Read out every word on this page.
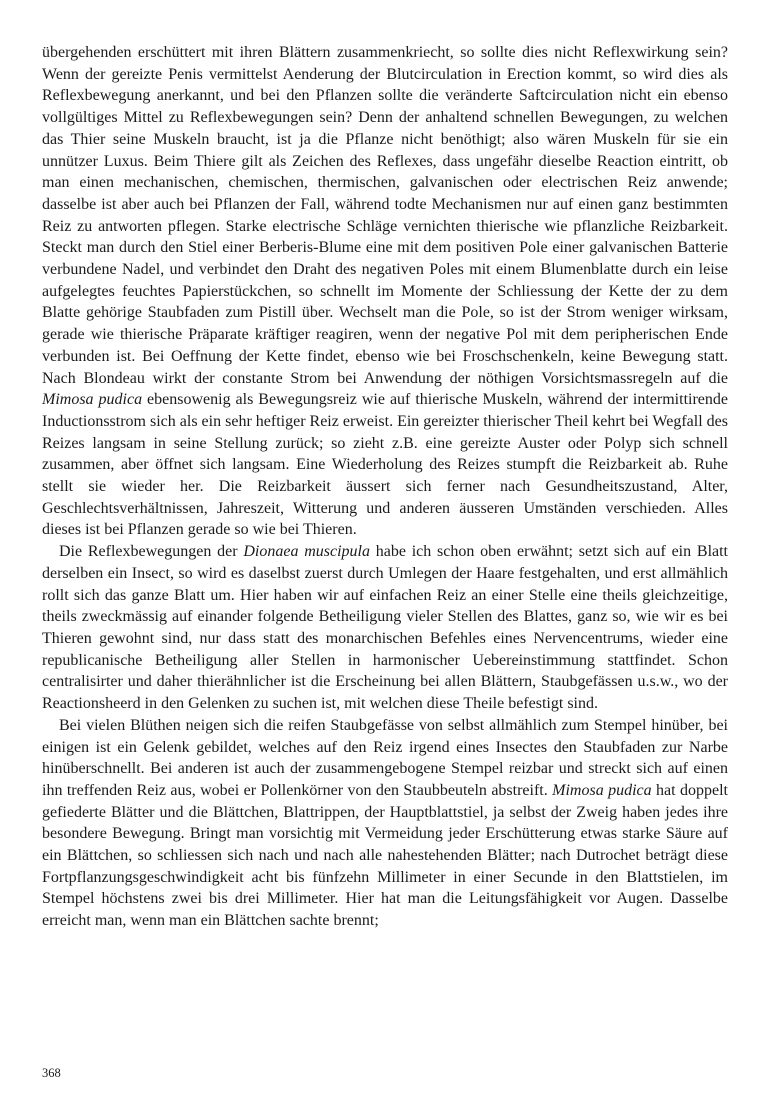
übergehenden erschüttert mit ihren Blättern zusammenkriecht, so sollte dies nicht Reflexwirkung sein? Wenn der gereizte Penis vermittelst Aenderung der Blutcirculation in Erection kommt, so wird dies als Reflexbewegung anerkannt, und bei den Pflanzen sollte die veränderte Saftcirculation nicht ein ebenso vollgültiges Mittel zu Reflexbewegungen sein? Denn der anhaltend schnellen Bewegungen, zu welchen das Thier seine Muskeln braucht, ist ja die Pflanze nicht benöthigt; also wären Muskeln für sie ein unnützer Luxus. Beim Thiere gilt als Zeichen des Reflexes, dass ungefähr dieselbe Reaction eintritt, ob man einen mechanischen, chemischen, thermischen, galvanischen oder electrischen Reiz anwende; dasselbe ist aber auch bei Pflanzen der Fall, während todte Mechanismen nur auf einen ganz bestimmten Reiz zu antworten pflegen. Starke electrische Schläge vernichten thierische wie pflanzliche Reizbarkeit. Steckt man durch den Stiel einer Berberis-Blume eine mit dem positiven Pole einer galvanischen Batterie verbundene Nadel, und verbindet den Draht des negativen Poles mit einem Blumenblatte durch ein leise aufgelegtes feuchtes Papierstückchen, so schnellt im Momente der Schliessung der Kette der zu dem Blatte gehörige Staubfaden zum Pistill über. Wechselt man die Pole, so ist der Strom weniger wirksam, gerade wie thierische Präparate kräftiger reagiren, wenn der negative Pol mit dem peripherischen Ende verbunden ist. Bei Oeffnung der Kette findet, ebenso wie bei Froschschenkeln, keine Bewegung statt. Nach Blondeau wirkt der constante Strom bei Anwendung der nöthigen Vorsichtsmassregeln auf die Mimosa pudica ebensowenig als Bewegungsreiz wie auf thierische Muskeln, während der intermittirende Inductionsstrom sich als ein sehr heftiger Reiz erweist. Ein gereizter thierischer Theil kehrt bei Wegfall des Reizes langsam in seine Stellung zurück; so zieht z.B. eine gereizte Auster oder Polyp sich schnell zusammen, aber öffnet sich langsam. Eine Wiederholung des Reizes stumpft die Reizbarkeit ab. Ruhe stellt sie wieder her. Die Reizbarkeit äussert sich ferner nach Gesundheitszustand, Alter, Geschlechtsverhältnissen, Jahreszeit, Witterung und anderen äusseren Umständen verschieden. Alles dieses ist bei Pflanzen gerade so wie bei Thieren.

Die Reflexbewegungen der Dionaea muscipula habe ich schon oben erwähnt; setzt sich auf ein Blatt derselben ein Insect, so wird es daselbst zuerst durch Umlegen der Haare festgehalten, und erst allmählich rollt sich das ganze Blatt um. Hier haben wir auf einfachen Reiz an einer Stelle eine theils gleichzeitige, theils zweckmässig auf einander folgende Betheiligung vieler Stellen des Blattes, ganz so, wie wir es bei Thieren gewohnt sind, nur dass statt des monarchischen Befehles eines Nervencentrums, wieder eine republicanische Betheiligung aller Stellen in harmonischer Uebereinstimmung stattfindet. Schon centralisirter und daher thierähnlicher ist die Erscheinung bei allen Blättern, Staubgefässen u.s.w., wo der Reactionsheerd in den Gelenken zu suchen ist, mit welchen diese Theile befestigt sind.

Bei vielen Blüthen neigen sich die reifen Staubgefässe von selbst allmählich zum Stempel hinüber, bei einigen ist ein Gelenk gebildet, welches auf den Reiz irgend eines Insectes den Staubfaden zur Narbe hinüberschnellt. Bei anderen ist auch der zusammengebogene Stempel reizbar und streckt sich auf einen ihn treffenden Reiz aus, wobei er Pollenkörner von den Staubbeuteln abstreift. Mimosa pudica hat doppelt gefiederte Blätter und die Blättchen, Blattrippen, der Hauptblattstiel, ja selbst der Zweig haben jedes ihre besondere Bewegung. Bringt man vorsichtig mit Vermeidung jeder Erschütterung etwas starke Säure auf ein Blättchen, so schliessen sich nach und nach alle nahestehenden Blätter; nach Dutrochet beträgt diese Fortpflanzungsgeschwindigkeit acht bis fünfzehn Millimeter in einer Secunde in den Blattstielen, im Stempel höchstens zwei bis drei Millimeter. Hier hat man die Leitungsfähigkeit vor Augen. Dasselbe erreicht man, wenn man ein Blättchen sachte brennt;

368
